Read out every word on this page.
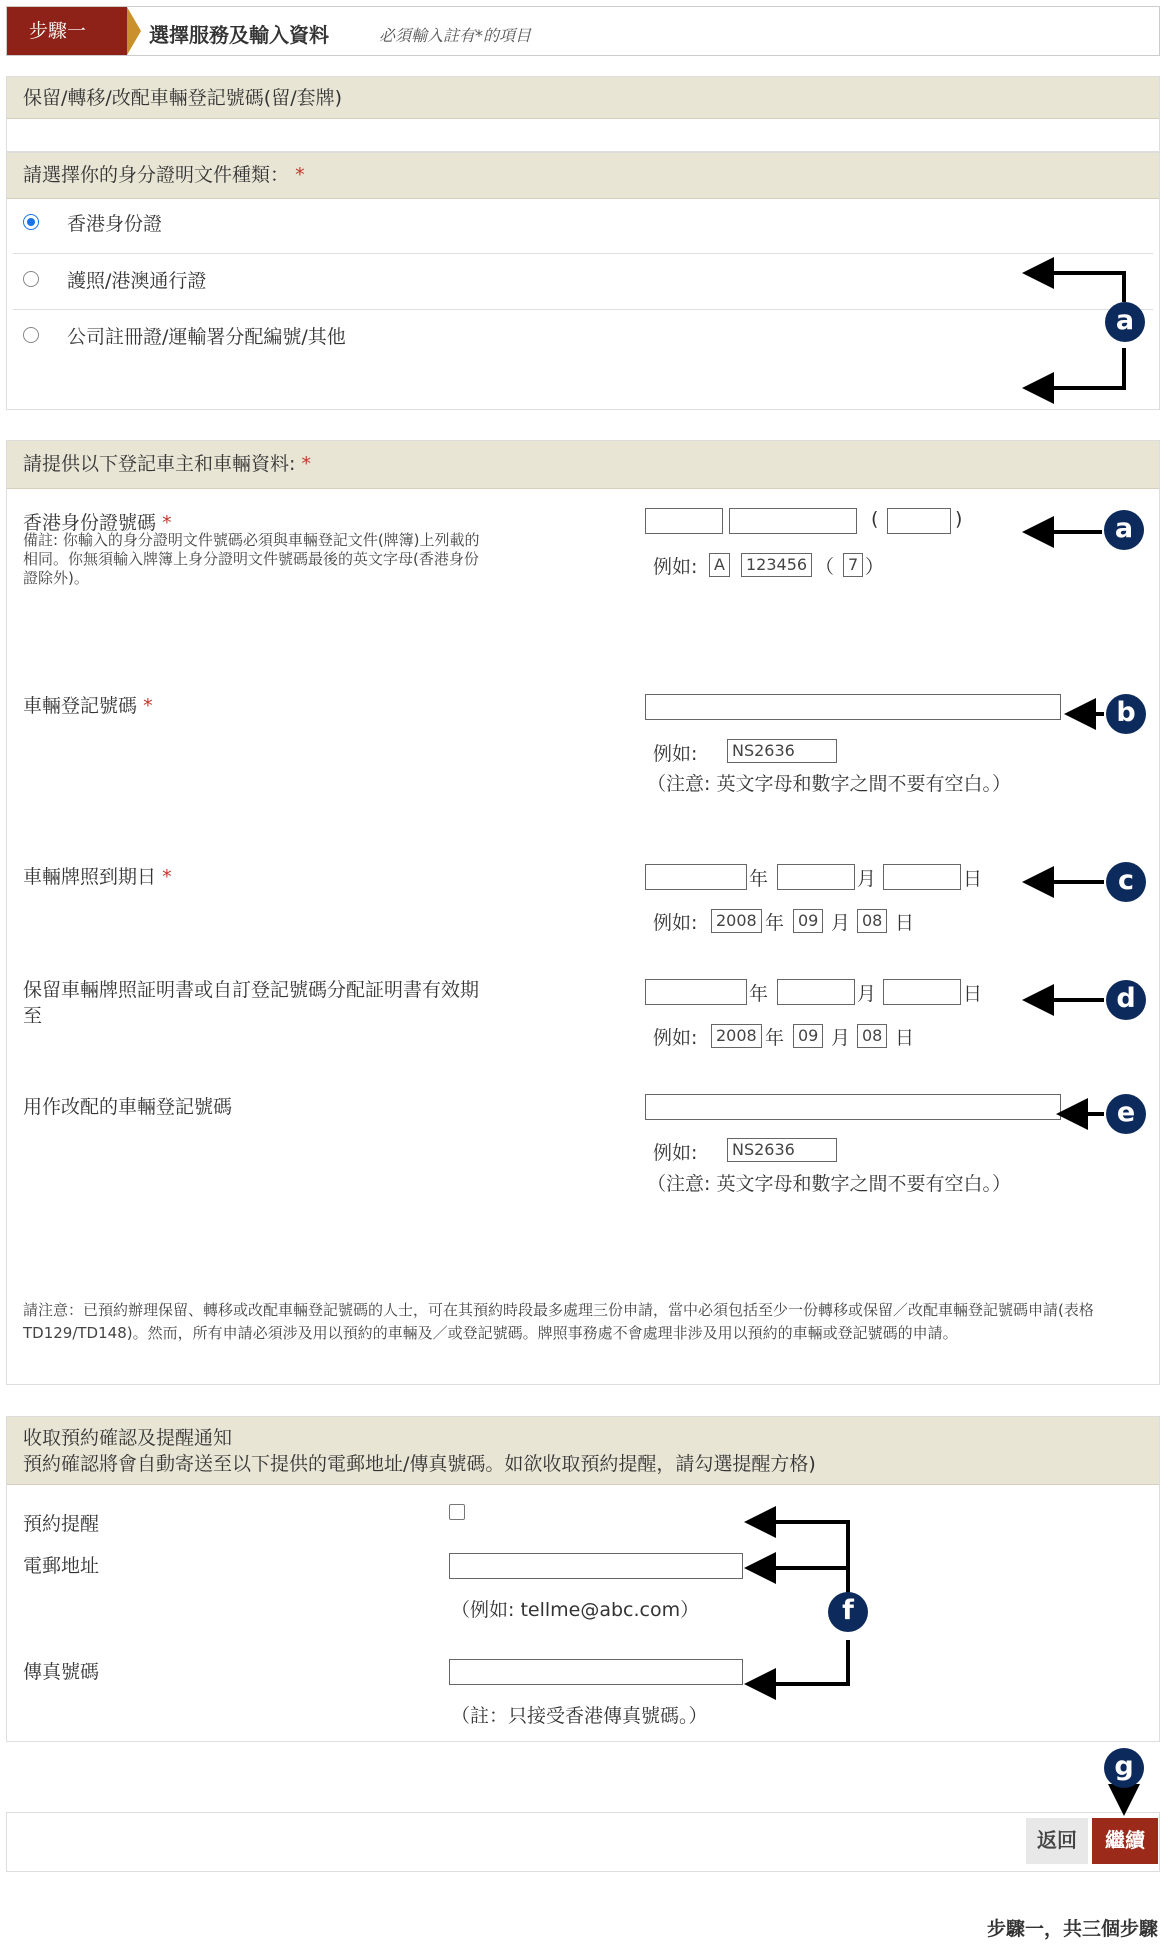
步驟一	選擇服務及輸入資料	必須輸入註有*的項目
保留/轉移/改配車輛登記號碼(留/套牌)
請選擇你的身分證明文件種類： *
香港身份證
護照/港澳通行證
公司註冊證/運輸署分配編號/其他
請提供以下登記車主和車輛資料: *
香港身份證號碼 *
備註: 你輸入的身分證明文件號碼必須與車輛登記文件(牌簿)上列載的相同。你無須輸入牌簿上身分證明文件號碼最後的英文字母(香港身份證除外)。
(	)
例如:	A	123456 （ 7 ）
車輛登記號碼 *
例如:	NS2636
（注意: 英文字母和數字之間不要有空白。）
車輛牌照到期日 *	年	月	日
例如:	2008 年 09 月 08 日
保留車輛牌照証明書或自訂登記號碼分配証明書有效期至
年	月	日
例如:	2008 年 09 月 08 日
用作改配的車輛登記號碼
例如:	NS2636
（注意: 英文字母和數字之間不要有空白。）
請注意：已預約辦理保留、轉移或改配車輛登記號碼的人士，可在其預約時段最多處理三份申請，當中必須包括至少一份轉移或保留／改配車輛登記號碼申請(表格TD129/TD148)。然而，所有申請必須涉及用以預約的車輛及／或登記號碼。牌照事務處不會處理非涉及用以預約的車輛或登記號碼的申請。
收取預約確認及提醒通知
預約確認將會自動寄送至以下提供的電郵地址/傳真號碼。如欲收取預約提醒，請勾選提醒方格)
預約提醒
電郵地址
（例如: tellme@abc.com）
傳真號碼
（註：只接受香港傳真號碼。）
返回	繼續
步驟一，共三個步驟
a
a
b
c
d
e
f
g
